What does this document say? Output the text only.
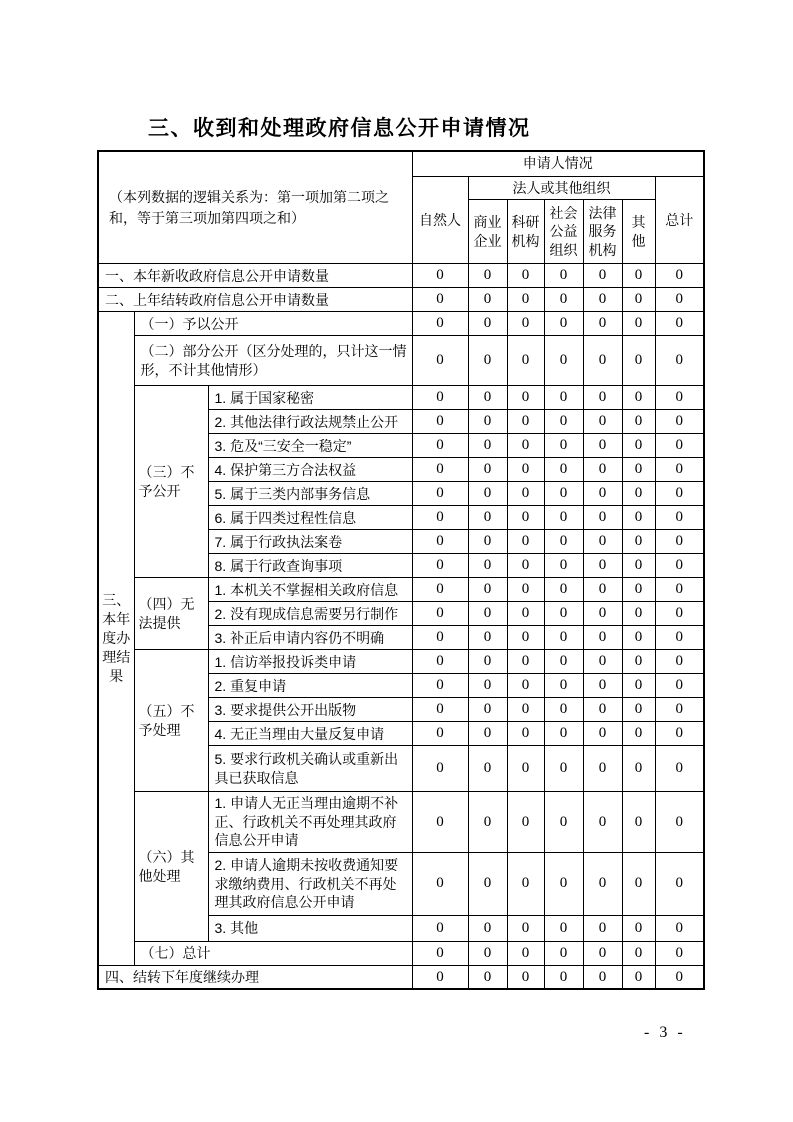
三、收到和处理政府信息公开申请情况
（本列数据的逻辑关系为：第一项加第二项之和，等于第三项加第四项之和）			申请人情况						
			自然人	法人或其他组织					总计
				商业企业	科研机构	社会公益组织	法律服务机构	其他	
一、本年新收政府信息公开申请数量			0	0	0	0	0	0	0
二、上年结转政府信息公开申请数量			0	0	0	0	0	0	0
三、本年度办理结果	（一）予以公开		0	0	0	0	0	0	0
	（二）部分公开（区分处理的，只计这一情形，不计其他情形）		0	0	0	0	0	0	0
	（三）不予公开	1. 属于国家秘密	0	0	0	0	0	0	0
		2. 其他法律行政法规禁止公开	0	0	0	0	0	0	0
		3. 危及“三安全一稳定”	0	0	0	0	0	0	0
		4. 保护第三方合法权益	0	0	0	0	0	0	0
		5. 属于三类内部事务信息	0	0	0	0	0	0	0
		6. 属于四类过程性信息	0	0	0	0	0	0	0
		7. 属于行政执法案卷	0	0	0	0	0	0	0
		8. 属于行政查询事项	0	0	0	0	0	0	0
	（四）无法提供	1. 本机关不掌握相关政府信息	0	0	0	0	0	0	0
		2. 没有现成信息需要另行制作	0	0	0	0	0	0	0
		3. 补正后申请内容仍不明确	0	0	0	0	0	0	0
	（五）不予处理	1. 信访举报投诉类申请	0	0	0	0	0	0	0
		2. 重复申请	0	0	0	0	0	0	0
		3. 要求提供公开出版物	0	0	0	0	0	0	0
		4. 无正当理由大量反复申请	0	0	0	0	0	0	0
		5. 要求行政机关确认或重新出具已获取信息	0	0	0	0	0	0	0
	（六）其他处理	1. 申请人无正当理由逾期不补正、行政机关不再处理其政府信息公开申请	0	0	0	0	0	0	0
		2. 申请人逾期未按收费通知要求缴纳费用、行政机关不再处理其政府信息公开申请	0	0	0	0	0	0	0
		3. 其他	0	0	0	0	0	0	0
	（七）总计		0	0	0	0	0	0	0
四、结转下年度继续办理			0	0	0	0	0	0	0
- 3 -
